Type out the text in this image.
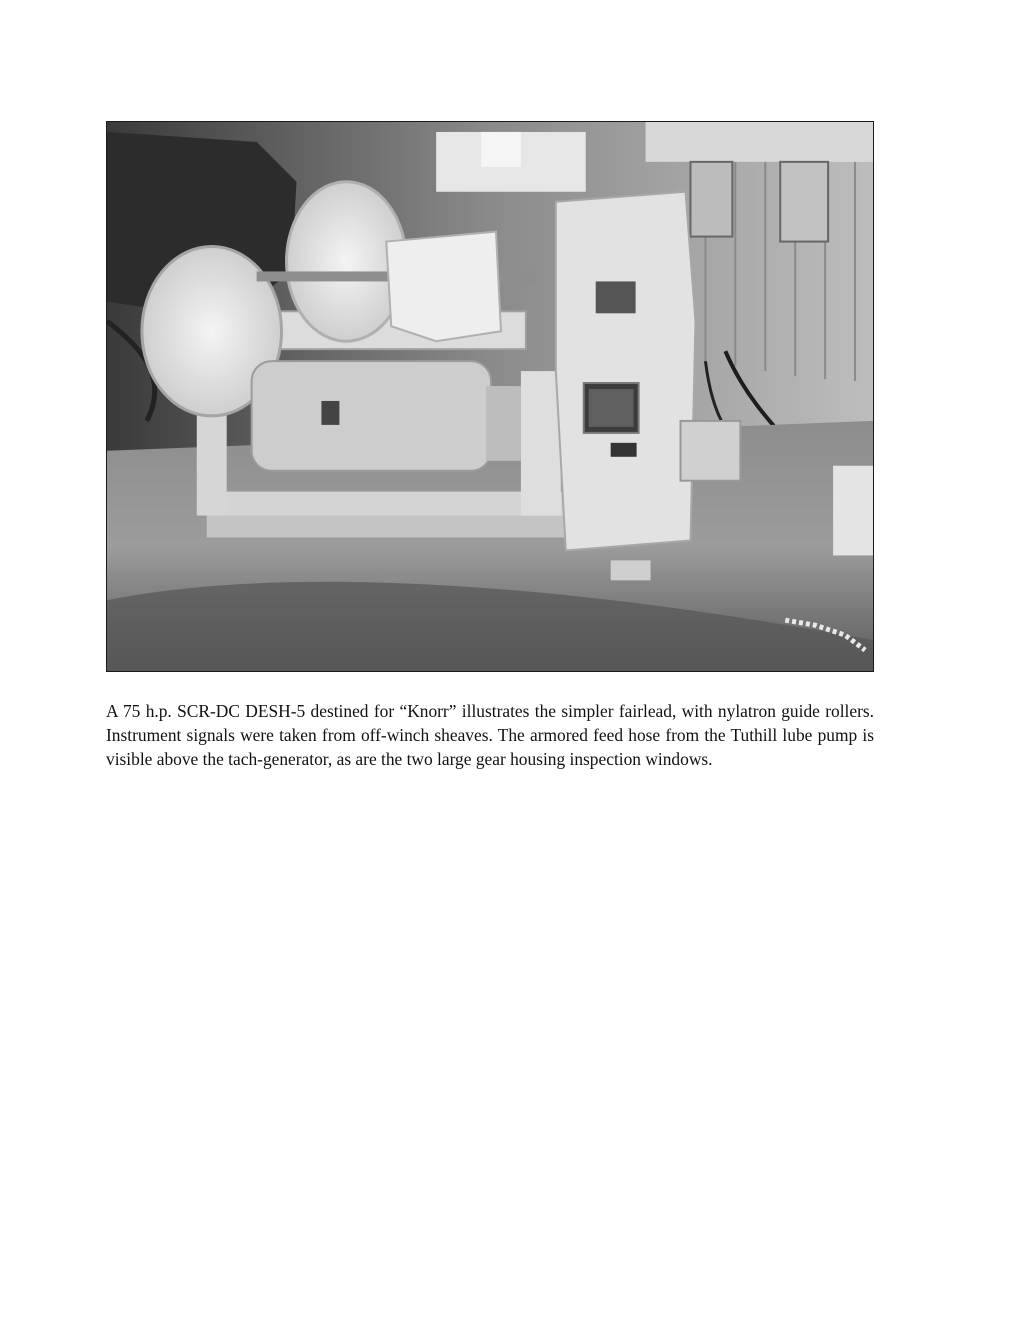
A 75 h.p. SCR-DC DESH-5 destined for “Knorr” illustrates the simpler fairlead, with nylatron guide rollers. Instrument signals were taken from off-winch sheaves. The armored feed hose from the Tuthill lube pump is visible above the tach-generator, as are the two large gear housing inspection windows.
